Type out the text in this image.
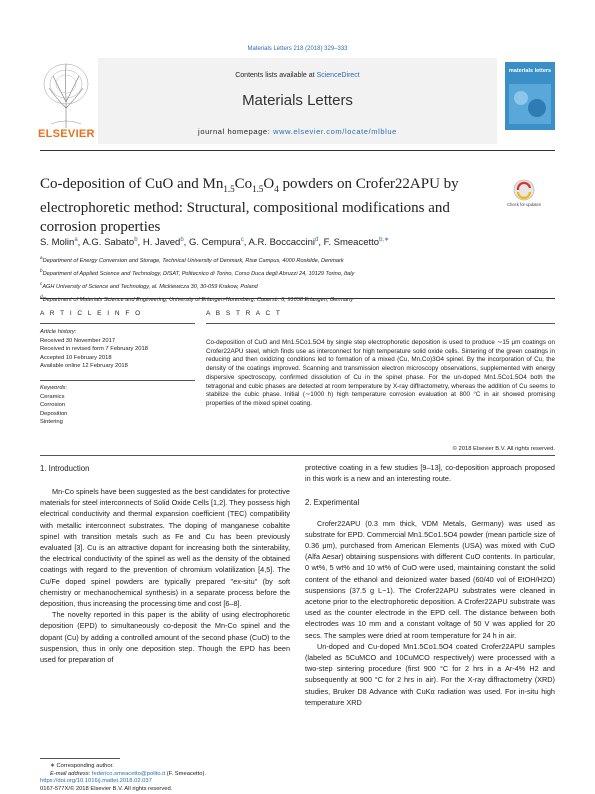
Materials Letters 218 (2018) 329–333
Contents lists available at ScienceDirect
Materials Letters
journal homepage: www.elsevier.com/locate/mlblue
ELSEVIER
materials letters
Co-deposition of CuO and $Mn_{1.5}Co_{1.5}O_4$ powders on Crofer22APU by
electrophoretic method: Structural, compositional modifications and
corrosion properties
Check for updates
S. Molin$^a$, A.G. Sabato$^b$, H. Javed$^b$, G. Cempura$^c$, A.R. Boccaccini$^d$, F. Smeacetto$^{b,∗}$
$^a$Department of Energy Conversion and Storage, Technical University of Denmark, Risø Campus, 4000 Roskilde, Denmark
$^b$Department of Applied Science and Technology, DISAT, Politecnico di Torino, Corso Duca degli Abruzzi 24, 10129 Torino, Italy
$^c$AGH University of Science and Technology, al. Mickiewicza 30, 30-059 Krakow, Poland
$^d$Department of Materials Science and Engineering, University of Erlangen-Nuremberg, Cauerstr. 6, 91058 Erlangen, Germany
A R T I C L E I N F O
Article history:
Received 30 November 2017
Received in revised form 7 February 2018
Accepted 10 February 2018
Available online 12 February 2018
Keywords:
Ceramics
Corrosion
Deposition
Sintering
A B S T R A C T
Co-deposition of CuO and Mn1.5Co1.5O4 by single step electrophoretic deposition is used to produce ∼15 μm coatings on Crofer22APU steel, which finds use as interconnect for high temperature solid oxide cells. Sintering of the green coatings in reducing and then oxidizing conditions led to formation of a mixed (Cu, Mn,Co)3O4 spinel. By the incorporation of Cu, the density of the coatings improved. Scanning and transmission electron microscopy observations, supplemented with energy dispersive spectroscopy, confirmed dissolution of Cu in the spinel phase. For the un-doped Mn1.5Co1.5O4 both the tetragonal and cubic phases are detected at room temperature by X-ray diffractometry, whereas the addition of Cu seems to stabilize the cubic phase. Initial (∼1000 h) high temperature corrosion evaluation at 800 °C in air showed promising properties of the mixed spinel coating.
© 2018 Elsevier B.V. All rights reserved.
1. Introduction

Mn-Co spinels have been suggested as the best candidates for protective materials for steel interconnects of Solid Oxide Cells [1,2]. They possess high electrical conductivity and thermal expansion coefficient (TEC) compatibility with metallic interconnect substrates. The doping of manganese cobaltite spinel with transition metals such as Fe and Cu has been previously evaluated [3]. Cu is an attractive dopant for increasing both the sinterability, the electrical conductivity of the spinel as well as the density of the obtained coatings with regard to the prevention of chromium volatilization [4,5]. The Cu/Fe doped spinel powders are typically prepared "ex-situ" (by soft chemistry or mechanochemical synthesis) in a separate process before the deposition, thus increasing the processing time and cost [6–8].

The novelty reported in this paper is the ability of using electrophoretic deposition (EPD) to simultaneously co-deposit the Mn-Co spinel and the dopant (Cu) by adding a controlled amount of the second phase (CuO) to the suspension, thus in only one deposition step. Though the EPD has been used for preparation of

protective coating in a few studies [9–13], co-deposition approach proposed in this work is a new and an interesting route.

2. Experimental

Crofer22APU (0.3 mm thick, VDM Metals, Germany) was used as substrate for EPD. Commercial Mn1.5Co1.5O4 powder (mean particle size of 0.36 μm), purchased from American Elements (USA) was mixed with CuO (Alfa Aesar) obtaining suspensions with different CuO contents. In particular, 0 wt%, 5 wt% and 10 wt% of CuO were used, maintaining constant the solid content of the ethanol and deionized water based (60/40 vol of EtOH/H2O) suspensions (37.5 g L−1). The Crofer22APU substrates were cleaned in acetone prior to the electrophoretic deposition. A Crofer22APU substrate was used as the counter electrode in the EPD cell. The distance between both electrodes was 10 mm and a constant voltage of 50 V was applied for 20 secs. The samples were dried at room temperature for 24 h in air.

Un-doped and Cu-doped Mn1.5Co1.5O4 coated Crofer22APU samples (labeled as 5CuMCO and 10CuMCO respectively) were processed with a two-step sintering procedure (first 900 °C for 2 hrs in a Ar-4% H2 and subsequently at 900 °C for 2 hrs in air). For the X-ray diffractometry (XRD) studies, Bruker D8 Advance with CuKα radiation was used. For in-situ high temperature XRD

∗ Corresponding author.
E-mail address: federico.smeacetto@polito.it (F. Smeacetto).
https://doi.org/10.1016/j.matlet.2018.02.037
0167-577X/© 2018 Elsevier B.V. All rights reserved.
